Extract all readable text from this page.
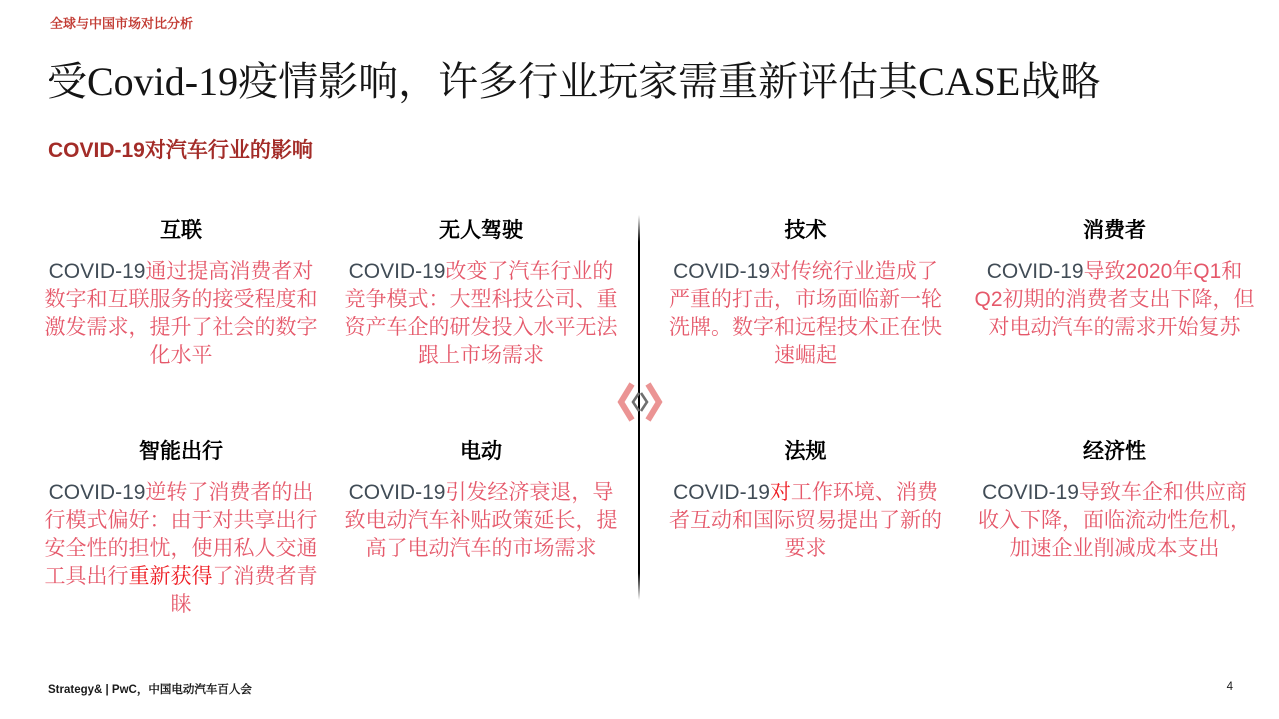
全球与中国市场对比分析
受Covid-19疫情影响，许多行业玩家需重新评估其CASE战略
COVID-19对汽车行业的影响
互联

COVID-19通过提高消费者对数字和互联服务的接受程度和激发需求，提升了社会的数字化水平

无人驾驶

COVID-19改变了汽车行业的竞争模式：大型科技公司、重资产车企的研发投入水平无法跟上市场需求

智能出行

COVID-19逆转了消费者的出行模式偏好：由于对共享出行安全性的担忧，使用私人交通工具出行重新获得了消费者青睐

电动

COVID-19引发经济衰退，导致电动汽车补贴政策延长，提高了电动汽车的市场需求

技术

COVID-19对传统行业造成了严重的打击，市场面临新一轮洗牌。数字和远程技术正在快速崛起

消费者

COVID-19导致2020年Q1和Q2初期的消费者支出下降，但对电动汽车的需求开始复苏

法规

COVID-19对工作环境、消费者互动和国际贸易提出了新的要求

经济性

COVID-19导致车企和供应商收入下降，面临流动性危机，加速企业削减成本支出

Strategy& | PwC，中国电动汽车百人会	4
